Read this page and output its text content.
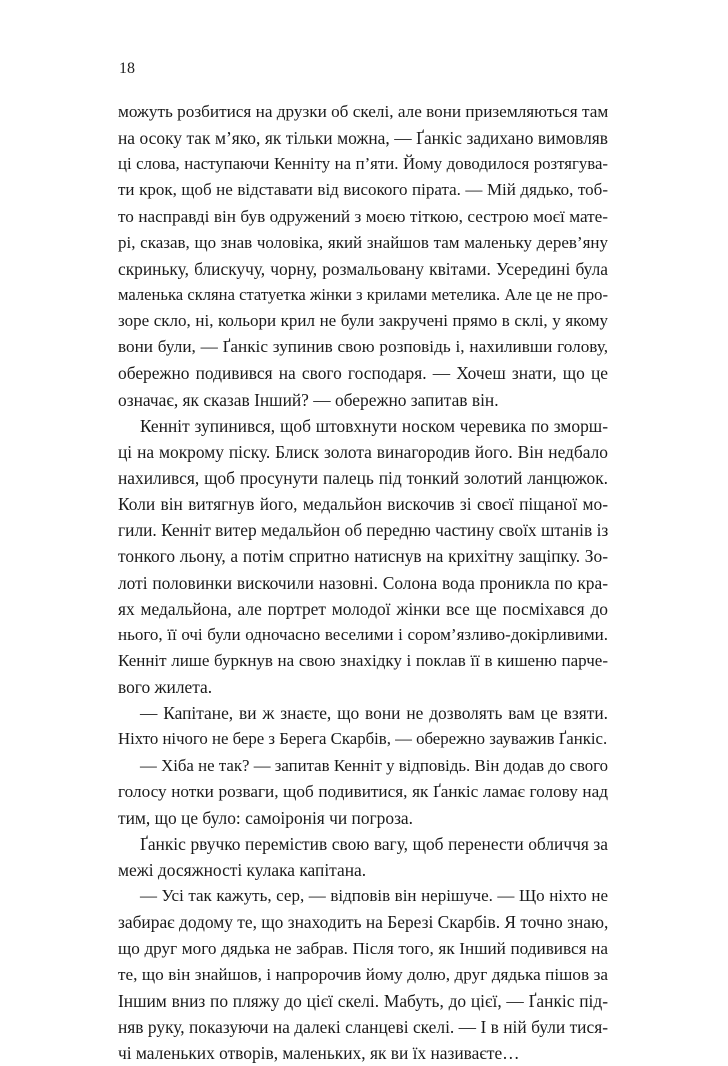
18
можуть розбитися на друзки об скелі, але вони приземляються там
на осоку так м’яко, як тільки можна, — Ґанкіс задихано вимовляв
ці слова, наступаючи Кенніту на п’яти. Йому доводилося розтягува-
ти крок, щоб не відставати від високого пірата. — Мій дядько, тоб-
то насправді він був одружений з моєю тіткою, сестрою моєї мате-
рі, сказав, що знав чоловіка, який знайшов там маленьку дерев’яну
скриньку, блискучу, чорну, розмальовану квітами. Усередині була
маленька скляна статуетка жінки з крилами метелика. Але це не про-
зоре скло, ні, кольори крил не були закручені прямо в склі, у якому
вони були, — Ґанкіс зупинив свою розповідь і, нахиливши голову,
обережно подивився на свого господаря. — Хочеш знати, що це
означає, як сказав Інший? — обережно запитав він.
Кенніт зупинився, щоб штовхнути носком черевика по зморш-
ці на мокрому піску. Блиск золота винагородив його. Він недбало
нахилився, щоб просунути палець під тонкий золотий ланцюжок.
Коли він витягнув його, медальйон вискочив зі своєї піщаної мо-
гили. Кенніт витер медальйон об передню частину своїх штанів із
тонкого льону, а потім спритно натиснув на крихітну защіпку. Зо-
лоті половинки вискочили назовні. Солона вода проникла по кра-
ях медальйона, але портрет молодої жінки все ще посміхався до
нього, її очі були одночасно веселими і сором’язливо-докірливими.
Кенніт лише буркнув на свою знахідку і поклав її в кишеню парче-
вого жилета.
— Капітане, ви ж знаєте, що вони не дозволять вам це взяти.
Ніхто нічого не бере з Берега Скарбів, — обережно зауважив Ґанкіс.
— Хіба не так? — запитав Кенніт у відповідь. Він додав до свого
голосу нотки розваги, щоб подивитися, як Ґанкіс ламає голову над
тим, що це було: самоіронія чи погроза.
Ґанкіс рвучко перемістив свою вагу, щоб перенести обличчя за
межі досяжності кулака капітана.
— Усі так кажуть, сер, — відповів він нерішуче. — Що ніхто не
забирає додому те, що знаходить на Березі Скарбів. Я точно знаю,
що друг мого дядька не забрав. Після того, як Інший подивився на
те, що він знайшов, і напророчив йому долю, друг дядька пішов за
Іншим вниз по пляжу до цієї скелі. Мабуть, до цієї, — Ґанкіс під-
няв руку, показуючи на далекі сланцеві скелі. — І в ній були тися-
чі маленьких отворів, маленьких, як ви їх називаєте…
